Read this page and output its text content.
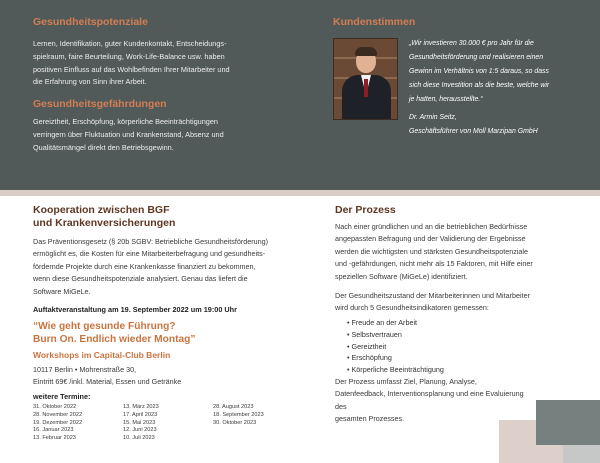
Gesundheitspotenziale
Lernen, Identifikation, guter Kundenkontakt, Entscheidungs-
spielraum, faire Beurteilung, Work-Life-Balance usw. haben
positiven Einfluss auf das Wohlbefinden Ihrer Mitarbeiter und
die Erfahrung von Sinn ihrer Arbeit.
Gesundheitsgefährdungen
Gereiztheit, Erschöpfung, körperliche Beeinträchtigungen
verringern über Fluktuation und Krankenstand, Absenz und
Qualitätsmängel direkt den Betriebsgewinn.
Kundenstimmen
„Wir investieren 30.000 € pro Jahr für die
Gesundheitsförderung und realisieren einen
Gewinn im Verhältnis von 1:5 daraus, so dass
sich diese Investition als die beste, welche wir
je hatten, herausstellte.“
Dr. Armin Seitz,
Geschäftsführer von Moll Marzipan GmbH
Kooperation zwischen BGF
und Krankenversicherungen
Das Präventionsgesetz (§ 20b SGBV: Betriebliche Gesundheitsförderung)
ermöglicht es, die Kosten für eine Mitarbeiterbefragung und gesundheits-
fördernde Projekte durch eine Krankenkasse finanziert zu bekommen,
wenn diese Gesundheitspotenziale analysiert. Genau das liefert die
Software MiGeLe.
Auftaktveranstaltung am 19. September 2022 um 19:00 Uhr
“Wie geht gesunde Führung?
Burn On. Endlich wieder Montag”
Workshops im Capital-Club Berlin
10117 Berlin • Mohrenstraße 30,
Eintritt 69€ /inkl. Material, Essen und Getränke
weitere Termine:
31. Oktober 2022
28. November 2022
19. Dezember 2022
16. Januar 2023
13. Februar 2023
13. März 2023
17. April 2023
15. Mai 2023
12. Juni 2023
10. Juli 2023
28. August 2023
18. September 2023
30. Oktober 2023
Der Prozess
Nach einer gründlichen und an die betrieblichen Bedürfnisse
angepassten Befragung und der Validierung der Ergebnisse
werden die wichtigsten und stärksten Gesundheitspotenziale
und -gefährdungen, nicht mehr als 15 Faktoren, mit Hilfe einer
speziellen Software (MiGeLe) identifiziert.
Der Gesundheitszustand der Mitarbeiterinnen und Mitarbeiter
wird durch 5 Gesundheitsindikatoren gemessen:
• Freude an der Arbeit
• Selbstvertrauen
• Gereiztheit
• Erschöpfung
• Körperliche Beeinträchtigung
Der Prozess umfasst Ziel, Planung, Analyse,
Datenfeedback, Interventionsplanung und eine Evaluierung des
gesamten Prozesses.
